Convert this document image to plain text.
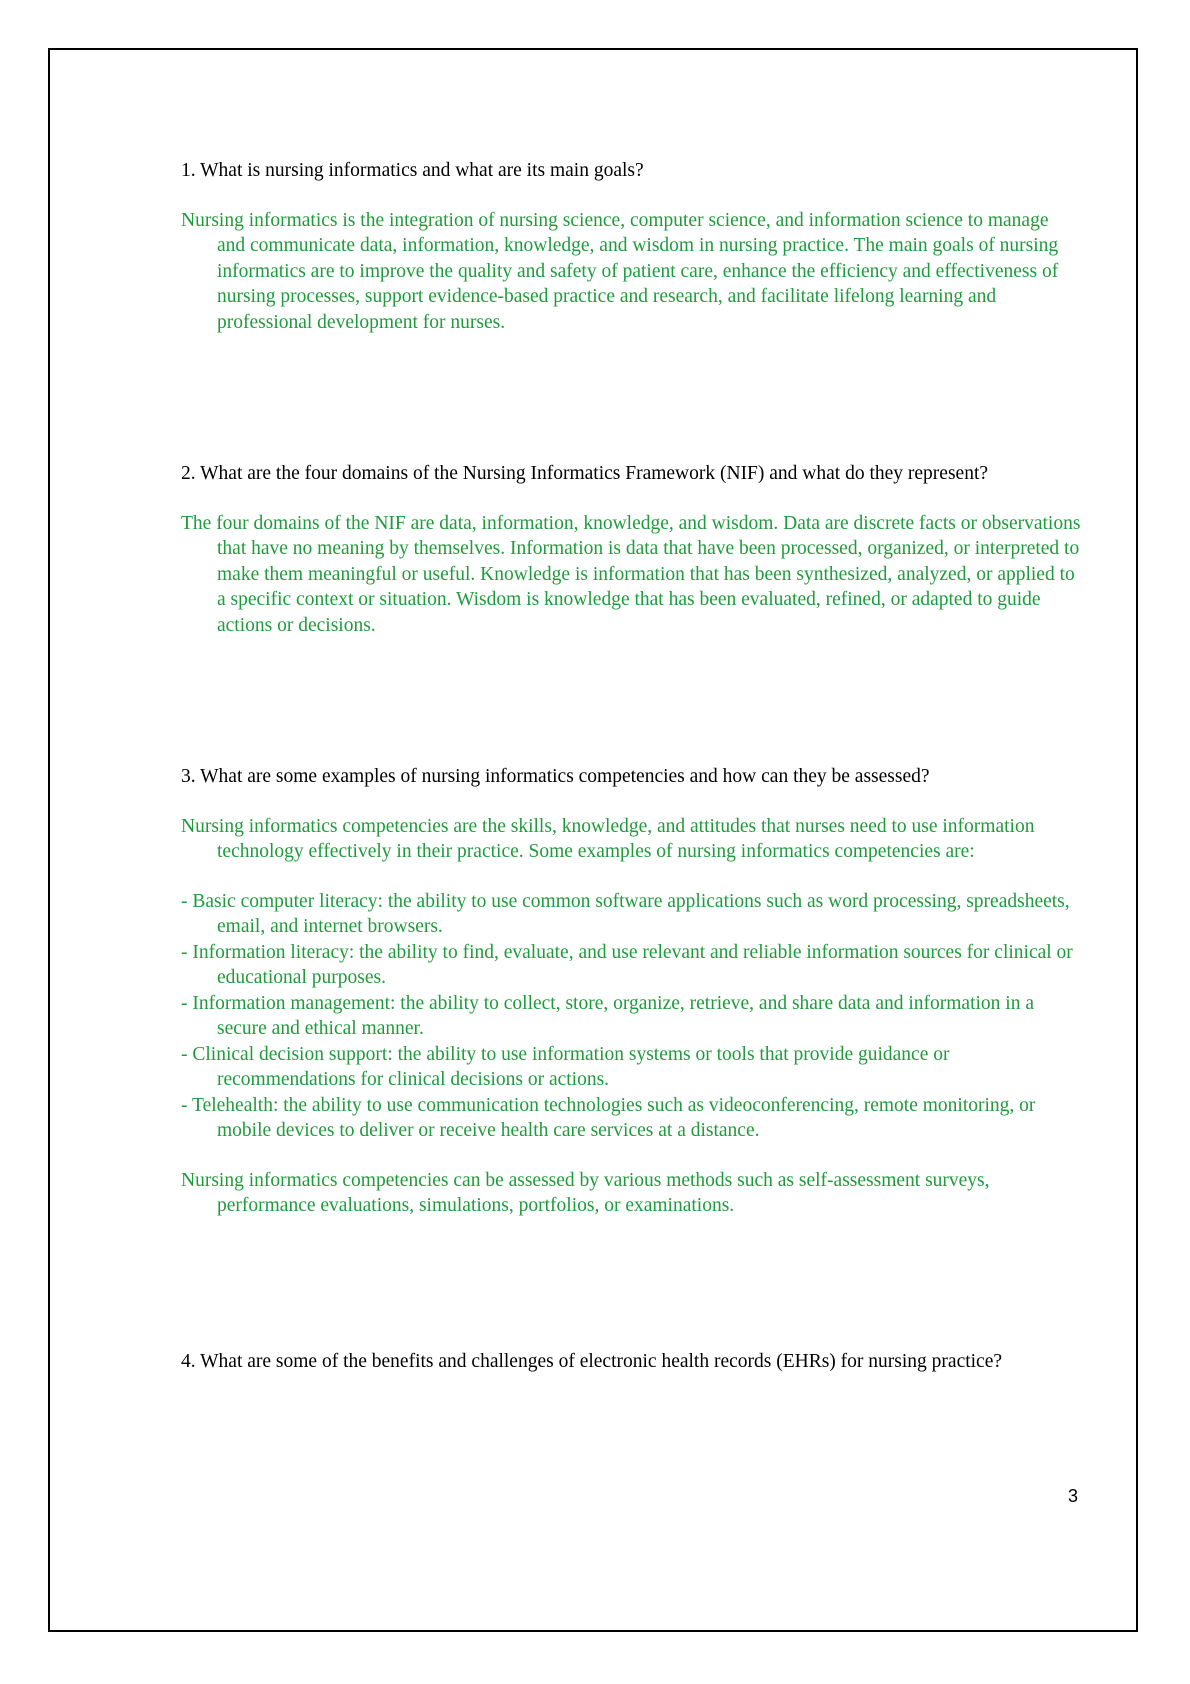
1. What is nursing informatics and what are its main goals?

Nursing informatics is the integration of nursing science, computer science, and information science to manage and communicate data, information, knowledge, and wisdom in nursing practice. The main goals of nursing informatics are to improve the quality and safety of patient care, enhance the efficiency and effectiveness of nursing processes, support evidence-based practice and research, and facilitate lifelong learning and professional development for nurses.

2. What are the four domains of the Nursing Informatics Framework (NIF) and what do they represent?

The four domains of the NIF are data, information, knowledge, and wisdom. Data are discrete facts or observations that have no meaning by themselves. Information is data that have been processed, organized, or interpreted to make them meaningful or useful. Knowledge is information that has been synthesized, analyzed, or applied to a specific context or situation. Wisdom is knowledge that has been evaluated, refined, or adapted to guide actions or decisions.

3. What are some examples of nursing informatics competencies and how can they be assessed?

Nursing informatics competencies are the skills, knowledge, and attitudes that nurses need to use information technology effectively in their practice. Some examples of nursing informatics competencies are:

- Basic computer literacy: the ability to use common software applications such as word processing, spreadsheets, email, and internet browsers.

- Information literacy: the ability to find, evaluate, and use relevant and reliable information sources for clinical or educational purposes.

- Information management: the ability to collect, store, organize, retrieve, and share data and information in a secure and ethical manner.

- Clinical decision support: the ability to use information systems or tools that provide guidance or recommendations for clinical decisions or actions.

- Telehealth: the ability to use communication technologies such as videoconferencing, remote monitoring, or mobile devices to deliver or receive health care services at a distance.

Nursing informatics competencies can be assessed by various methods such as self-assessment surveys, performance evaluations, simulations, portfolios, or examinations.

4. What are some of the benefits and challenges of electronic health records (EHRs) for nursing practice?

3
